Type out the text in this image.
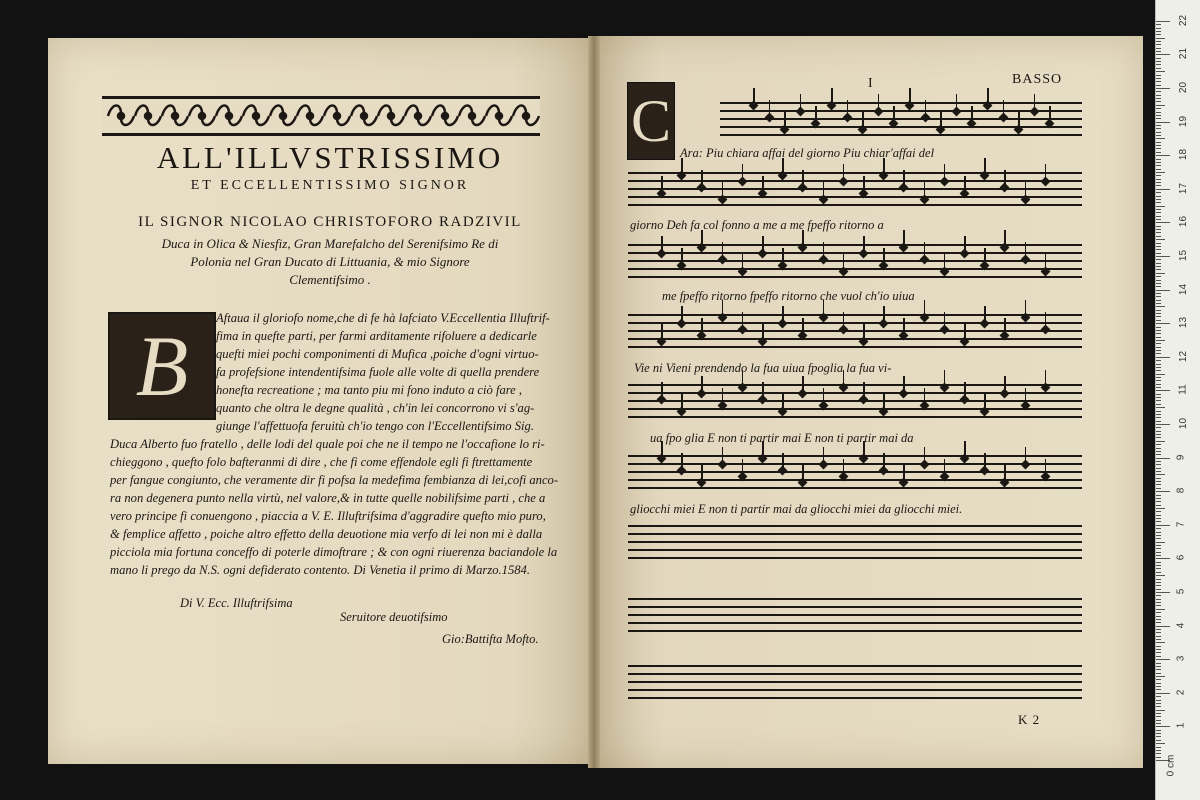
ALL'ILLVSTRISSIMO
ET ECCELLENTISSIMO SIGNOR
IL SIGNOR NICOLAO CHRISTOFORO RADZIVIL
Duca in Olica & Niesfiz, Gran Marefalcho del Serenifsimo Re di
Polonia nel Gran Ducato di Littuania, & mio Signore
Clementifsimo .
B	Aftaua il gloriofo nome,che di fe hà lafciato V.Eccellentia Illuftrif-
fima in quefte parti, per farmi arditamente rifoluere a dedicarle
quefti miei pochi componimenti di Mufica ,poiche d'ogni virtuo-
fa profefsione intendentifsima fuole alle volte di quella prendere
honefta recreatione ; ma tanto piu mi fono induto a ciò fare ,
quanto che oltra le degne qualità , ch'in lei concorrono vi s'ag-
giunge l'affettuofa feruitù ch'io tengo con l'Eccellentifsimo Sig.
Duca Alberto fuo fratello , delle lodi del quale poi che ne il tempo ne l'occafione lo ri-
chieggono , quefto folo bafteranmi di dire , che fi come effendole egli fi ftrettamente
per fangue congiunto, che veramente dir fi pofsa la medefima fembianza di lei,cofi anco-
ra non degenera punto nella virtù, nel valore,& in tutte quelle nobilifsime parti , che a
vero principe fi conuengono , piaccia a V. E. Illuftrifsima d'aggradire quefto mio puro,
& femplice affetto , poiche altro effetto della deuotione mia verfo di lei non mi è dalla
picciola mia fortuna conceffo di poterle dimoftrare ; & con ogni riuerenza baciandole la
mano li prego da N.S. ogni defiderato contento. Di Venetia il primo di Marzo.1584.
Di V. Ecc. Illuftrifsima
Seruitore deuotifsimo
Gio:Battifta Mofto.
C
I	BASSO
Ara: Piu chiara affai del giorno Piu chiar'affai del
giorno Deh fa col fonno a me a me fpeffo ritorno a
me fpeffo ritorno fpeffo ritorno che vuol ch'io uiua
Vie ni Vieni prendendo la fua uiua fpoglia la fua vi-
ua fpo glia E non ti partir mai E non ti partir mai da
gliocchi miei E non ti partir mai da gliocchi miei da gliocchi miei.
K 2	1
2
3
4
5
6
7
8
9
10
11
12
13
14
15
16
17
18
19
20
21
22
0 cm
